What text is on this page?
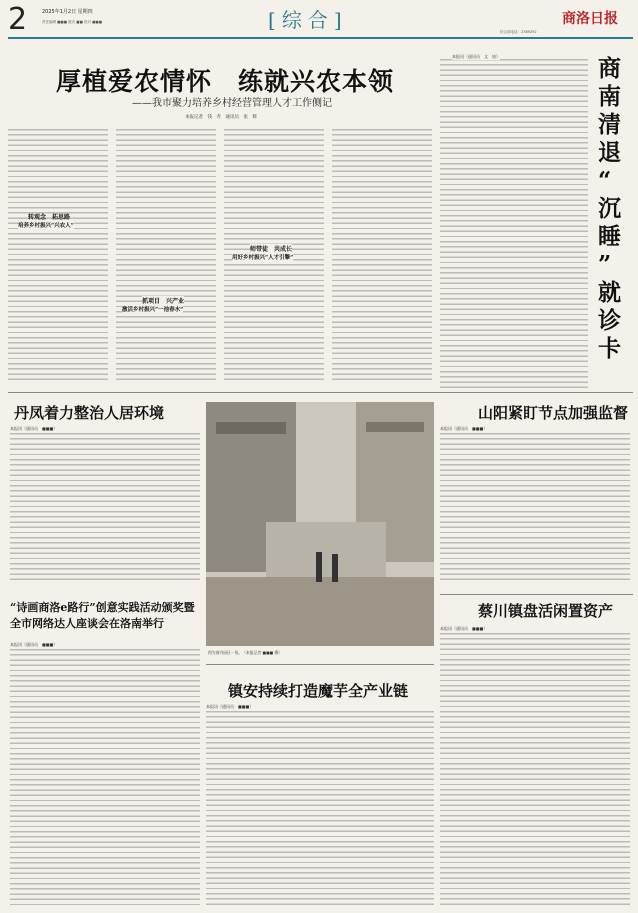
2	2025年1月2日 星期四
责任编辑 ■■■ 版式 ■■ 校对 ■■■	[综合]	商洛日报
综合部电话：2389292
厚植爱农情怀　练就兴农本领
——我市聚力培养乡村经营管理人才工作侧记
本报记者　钱　乔　通讯员　张　辉
转观念　拓思路
培养乡村振兴“兴农人”
抓项目　兴产业
激活乡村振兴“一池春水”
师带徒　共成长
用好乡村振兴“人才引擎”
本报讯（通讯员　文　姣）	商南清退“沉睡”就诊卡
丹凤着力整治人居环境
本报讯（通讯员　■■■）
图为商丹园区一角。（本报记者 ■■■ 摄）
山阳紧盯节点加强监督
本报讯（通讯员　■■■）
“诗画商洛e路行”创意实践活动颁奖暨全市网络达人座谈会在洛南举行
本报讯（通讯员　■■■）
蔡川镇盘活闲置资产
本报讯（通讯员　■■■）
镇安持续打造魔芋全产业链
本报讯（通讯员　■■■）
